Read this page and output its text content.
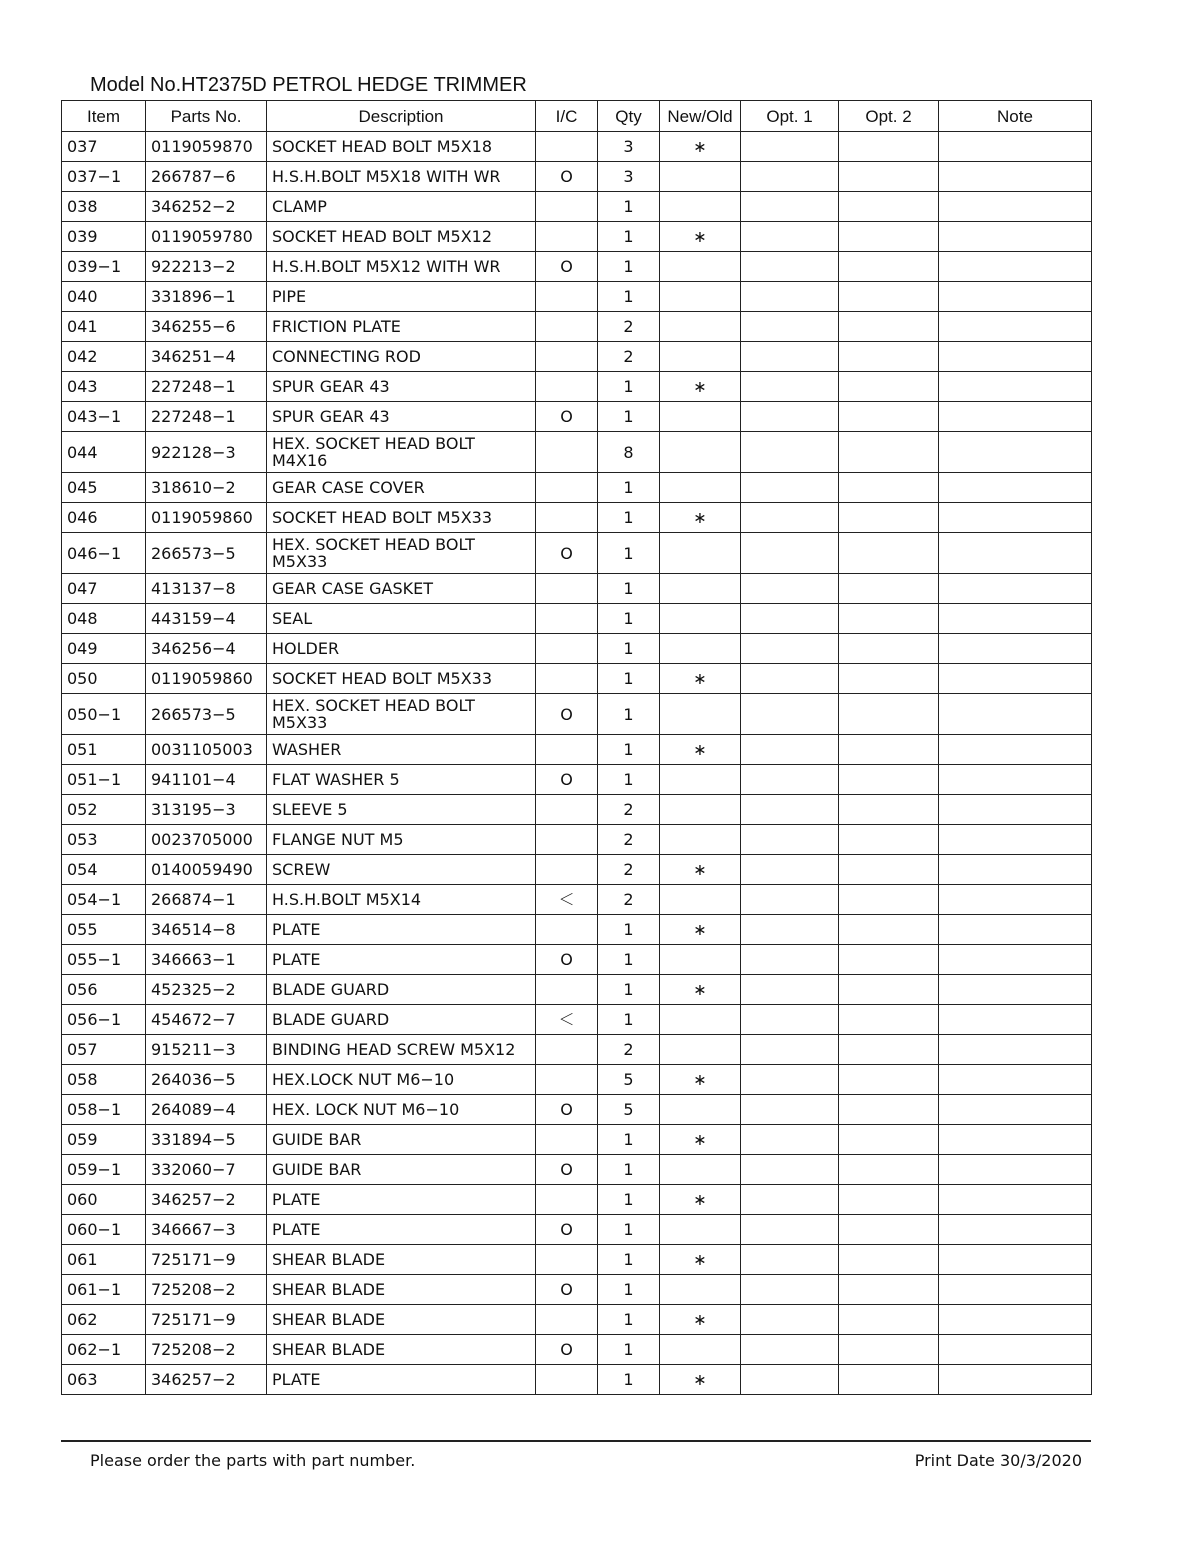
Model No.HT2375D PETROL HEDGE TRIMMER
Item	Parts No.	Description	I/C	Qty	New/Old	Opt. 1	Opt. 2	Note
037	0119059870	SOCKET HEAD BOLT M5X18		3	∗			
037−1	266787−6	H.S.H.BOLT M5X18 WITH WR	O	3				
038	346252−2	CLAMP		1				
039	0119059780	SOCKET HEAD BOLT M5X12		1	∗			
039−1	922213−2	H.S.H.BOLT M5X12 WITH WR	O	1				
040	331896−1	PIPE		1				
041	346255−6	FRICTION PLATE		2				
042	346251−4	CONNECTING ROD		2				
043	227248−1	SPUR GEAR 43		1	∗			
043−1	227248−1	SPUR GEAR 43	O	1				
044	922128−3	HEX. SOCKET HEAD BOLT M4X16		8				
045	318610−2	GEAR CASE COVER		1				
046	0119059860	SOCKET HEAD BOLT M5X33		1	∗			
046−1	266573−5	HEX. SOCKET HEAD BOLT M5X33	O	1				
047	413137−8	GEAR CASE GASKET		1				
048	443159−4	SEAL		1				
049	346256−4	HOLDER		1				
050	0119059860	SOCKET HEAD BOLT M5X33		1	∗			
050−1	266573−5	HEX. SOCKET HEAD BOLT M5X33	O	1				
051	0031105003	WASHER		1	∗			
051−1	941101−4	FLAT WASHER 5	O	1				
052	313195−3	SLEEVE 5		2				
053	0023705000	FLANGE NUT M5		2				
054	0140059490	SCREW		2	∗			
054−1	266874−1	H.S.H.BOLT M5X14	＜	2				
055	346514−8	PLATE		1	∗			
055−1	346663−1	PLATE	O	1				
056	452325−2	BLADE GUARD		1	∗			
056−1	454672−7	BLADE GUARD	＜	1				
057	915211−3	BINDING HEAD SCREW M5X12		2				
058	264036−5	HEX.LOCK NUT M6−10		5	∗			
058−1	264089−4	HEX. LOCK NUT M6−10	O	5				
059	331894−5	GUIDE BAR		1	∗			
059−1	332060−7	GUIDE BAR	O	1				
060	346257−2	PLATE		1	∗			
060−1	346667−3	PLATE	O	1				
061	725171−9	SHEAR BLADE		1	∗			
061−1	725208−2	SHEAR BLADE	O	1				
062	725171−9	SHEAR BLADE		1	∗			
062−1	725208−2	SHEAR BLADE	O	1				
063	346257−2	PLATE		1	∗			
Please order the parts with part number.	Print Date 30/3/2020
